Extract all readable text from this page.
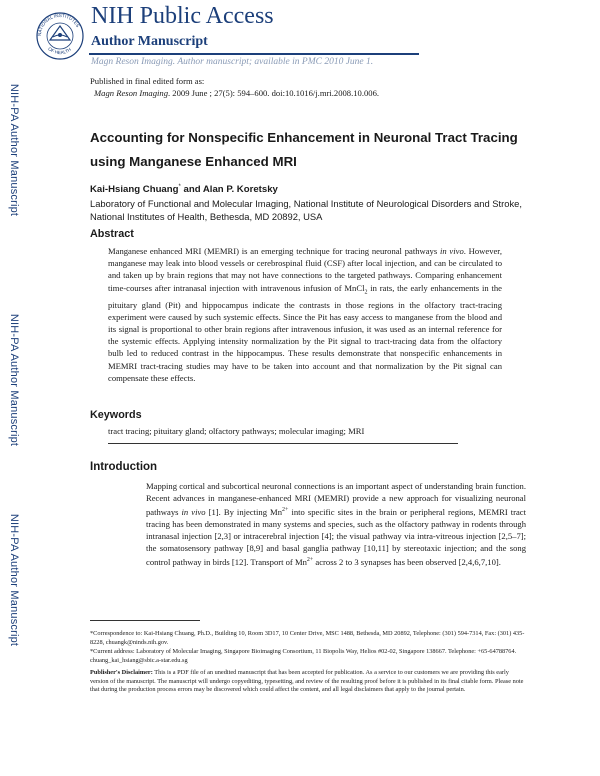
NIH-PA Author Manuscript
NIH-PA Author Manuscript
NIH-PA Author Manuscript
NATIONAL INSTITUTES
OF HEALTH
NIH Public Access
Author Manuscript
Magn Reson Imaging. Author manuscript; available in PMC 2010 June 1.
Published in final edited form as:
Magn Reson Imaging. 2009 June ; 27(5): 594–600. doi:10.1016/j.mri.2008.10.006.
Accounting for Nonspecific Enhancement in Neuronal Tract Tracing using Manganese Enhanced MRI
Kai-Hsiang Chuang* and Alan P. Koretsky
Laboratory of Functional and Molecular Imaging, National Institute of Neurological Disorders and Stroke, National Institutes of Health, Bethesda, MD 20892, USA
Abstract
Manganese enhanced MRI (MEMRI) is an emerging technique for tracing neuronal pathways in vivo. However, manganese may leak into blood vessels or cerebrospinal fluid (CSF) after local injection, and can be circulated to and taken up by brain regions that may not have connections to the targeted pathways. Comparing enhancement time-courses after intranasal injection with intravenous infusion of MnCl$_2$ in rats, the early enhancements in the pituitary gland (Pit) and hippocampus indicate the contrasts in those regions in the olfactory tract-tracing experiment were caused by such systemic effects. Since the Pit has easy access to manganese from the blood and its signal is proportional to other brain regions after intravenous infusion, it was used as an internal reference for the systemic effects. Applying intensity normalization by the Pit signal to tract-tracing data from the olfactory bulb led to reduced contrast in the hippocampus. These results demonstrate that nonspecific enhancements in MEMRI tract-tracing studies may have to be taken into account and that normalization by the Pit signal can compensate these effects.
Keywords
tract tracing; pituitary gland; olfactory pathways; molecular imaging; MRI
Introduction
Mapping cortical and subcortical neuronal connections is an important aspect of understanding brain function. Recent advances in manganese-enhanced MRI (MEMRI) provide a new approach for visualizing neuronal pathways in vivo [1]. By injecting $Mn^{2+}$ into specific sites in the brain or peripheral regions, MEMRI tract tracing has been demonstrated in many systems and species, such as the olfactory pathway in rodents through intranasal injection [2,3] or intracerebral injection [4]; the visual pathway via intra-vitreous injection [2,5–7]; the somatosensory pathway [8,9] and basal ganglia pathway [10,11] by stereotaxic injection; and the song control pathway in birds [12]. Transport of $Mn^{2+}$ across 2 to 3 synapses has been observed [2,4,6,7,10].
*Correspondence to: Kai-Hsiang Chuang, Ph.D., Building 10, Room 3D17, 10 Center Drive, MSC 1488, Bethesda, MD 20892, Telephone: (301) 594-7314, Fax: (301) 435-8228, chuangk@ninds.nih.gov.
*Current address: Laboratory of Molecular Imaging, Singapore Bioimaging Consortium, 11 Biopolis Way, Helios #02-02, Singapore 138667. Telephone: +65-64788764. chuang_kai_hsiang@sbic.a-star.edu.sg
Publisher's Disclaimer: This is a PDF file of an unedited manuscript that has been accepted for publication. As a service to our customers we are providing this early version of the manuscript. The manuscript will undergo copyediting, typesetting, and review of the resulting proof before it is published in its final citable form. Please note that during the production process errors may be discovered which could affect the content, and all legal disclaimers that apply to the journal pertain.
